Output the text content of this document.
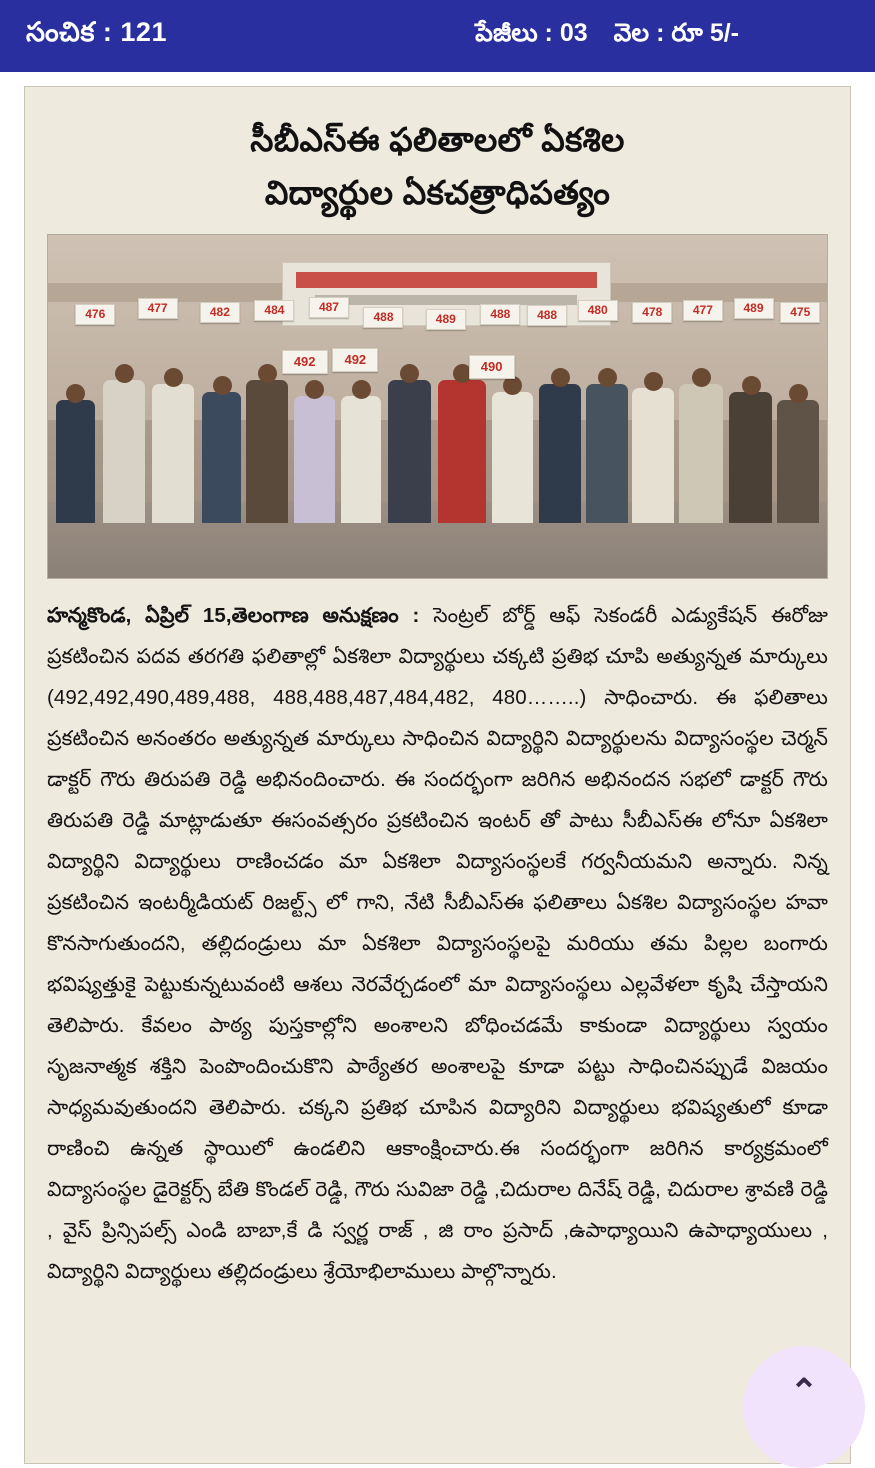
సంచిక : 121	పేజీలు : 03 వెల : రూ 5/-
సీబీఎస్ఈ ఫలితాలలో ఏకశిల
విద్యార్థుల ఏకచత్రాధిపత్యం
476	477	482	484	487
488	489	488	488	480	478	477	489	475
492	492	490
హన్మకొండ, ఏప్రిల్ 15,తెలంగాణ అనుక్షణం : సెంట్రల్ బోర్డ్ ఆఫ్ సెకండరీ ఎడ్యుకేషన్ ఈరోజు ప్రకటించిన పదవ తరగతి ఫలితాల్లో ఏకశిలా విద్యార్థులు చక్కటి ప్రతిభ చూపి అత్యున్నత మార్కులు (492,492,490,489,488, 488,488,487,484,482, 480……..) సాధించారు. ఈ ఫలితాలు ప్రకటించిన అనంతరం అత్యున్నత మార్కులు సాధించిన విద్యార్థిని విద్యార్థులను విద్యాసంస్థల చెర్మన్ డాక్టర్ గౌరు తిరుపతి రెడ్డి అభినందించారు. ఈ సందర్భంగా జరిగిన అభినందన సభలో డాక్టర్ గౌరు తిరుపతి రెడ్డి మాట్లాడుతూ ఈసంవత్సరం ప్రకటించిన ఇంటర్ తో పాటు సీబీఎస్ఈ లోనూ ఏకశిలా విద్యార్థిని విద్యార్థులు రాణించడం మా ఏకశిలా విద్యాసంస్థలకే గర్వనీయమని అన్నారు. నిన్న ప్రకటించిన ఇంటర్మీడియట్ రిజల్ట్స్ లో గాని, నేటి సీబీఎస్ఈ ఫలితాలు ఏకశిల విద్యాసంస్థల హవా కొనసాగుతుందని, తల్లిదండ్రులు మా ఏకశిలా విద్యాసంస్థలపై మరియు తమ పిల్లల బంగారు భవిష్యత్తుకై పెట్టుకున్నటువంటి ఆశలు నెరవేర్చడంలో మా విద్యాసంస్థలు ఎల్లవేళలా కృషి చేస్తాయని తెలిపారు. కేవలం పాఠ్య పుస్తకాల్లోని అంశాలని బోధించడమే కాకుండా విద్యార్థులు స్వయం సృజనాత్మక శక్తిని పెంపొందించుకొని పాఠ్యేతర అంశాలపై కూడా పట్టు సాధించినప్పుడే విజయం సాధ్యమవుతుందని తెలిపారు. చక్కని ప్రతిభ చూపిన విద్యారిని విద్యార్థులు భవిష్యతులో కూడా రాణించి ఉన్నత స్థాయిలో ఉండలిని ఆకాంక్షించారు.ఈ సందర్భంగా జరిగిన కార్యక్రమంలో విద్యాసంస్థల డైరెక్టర్స్ బేతి కొండల్ రెడ్డి, గౌరు సువిజా రెడ్డి ,చిదురాల దినేష్ రెడ్డి, చిదురాల శ్రావణి రెడ్డి , వైస్ ప్రిన్సిపల్స్ ఎండి బాబా,కే డి స్వర్ణ రాజ్ , జి రాం ప్రసాద్ ,ఉపాధ్యాయిని ఉపాధ్యాయులు , విద్యార్థిని విద్యార్థులు తల్లిదండ్రులు శ్రేయోభిలాములు పాల్గొన్నారు.
⌃
